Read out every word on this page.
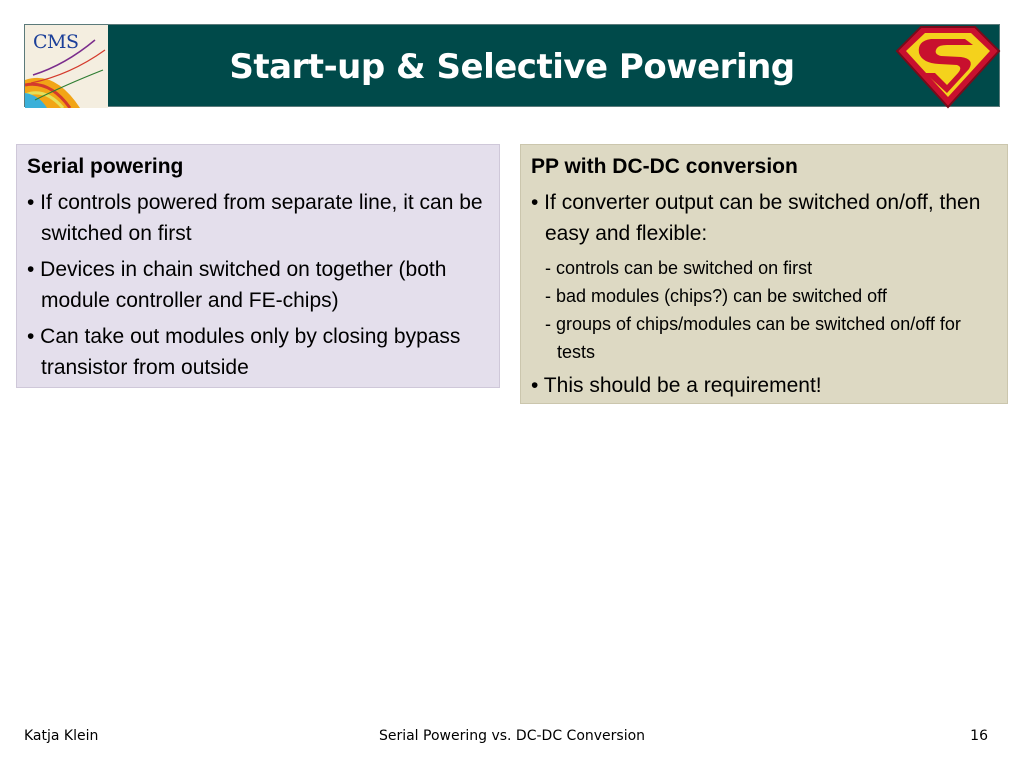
CMS
Start-up & Selective Powering
Serial powering
• If controls powered from separate line, it can be switched on first
• Devices in chain switched on together (both module controller and FE-chips)
• Can take out modules only by closing bypass transistor from outside
PP with DC-DC conversion
• If converter output can be switched on/off, then easy and flexible:
- controls can be switched on first
- bad modules (chips?) can be switched off
- groups of chips/modules can be switched on/off for tests
• This should be a requirement!
Katja Klein	Serial Powering vs. DC-DC Conversion	16
